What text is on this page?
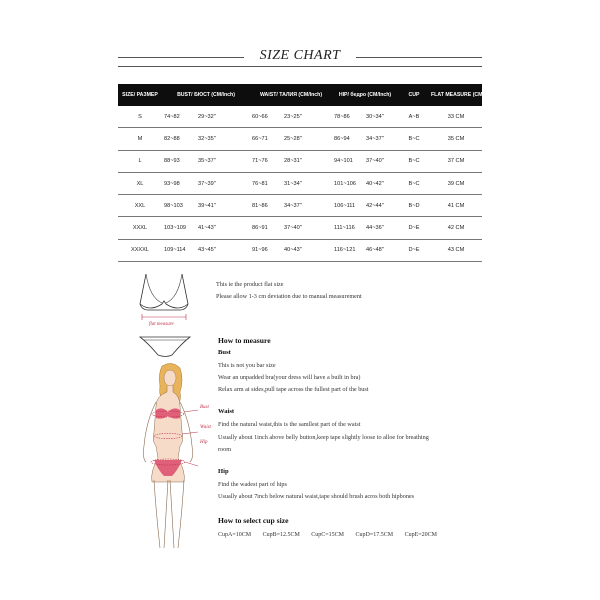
SIZE CHART
SIZE/ РАЗМЕР	BUST/ БЮСТ (CM/Inch)		WAIST/ ТАЛИЯ (CM/Inch)		HIP/ бедро (CM/Inch)		CUP	FLAT MEASURE (CM)
S	74~82	29~32"	60~66	23~25"	78~86	30~34"	A~B	33 CM
M	82~88	32~35"	66~71	25~28"	86~94	34~37"	B~C	35 CM
L	88~93	35~37"	71~76	28~31"	94~101	37~40"	B~C	37 CM
XL	93~98	37~39"	76~81	31~34"	101~106	40~42"	B~C	39 CM
XXL	98~103	39~41"	81~86	34~37"	106~111	42~44"	B~D	41 CM
XXXL	103~109	41~43"	86~91	37~40"	111~116	44~36"	D~E	42 CM
XXXXL	109~114	43~45"	91~96	40~43"	116~121	46~48"	D~E	43 CM
flat measure
Bust
Waist
Hip
This ie the product flat size
Please allow 1-3 cm deviation due to manual measurement
How to measure
Bust
This is not you bar size
Wear an unpadded bra(your dress will have a built in bra)
Relax arm at sides,pull tape across the fullest part of the bust
Waist
Find the natural waist,this is the samllest part of the waist
Usually about 1inch above belly button,keep tape slightly loose to alloe for breathing
room
Hip
Find the wadest part of hips
Usually about 7inch below natural waist,tape should brush acros both hipbones
How to select cup size
CupA=10CM CupB=12.5CM CupC=15CM CupD=17.5CM CupE=20CM
